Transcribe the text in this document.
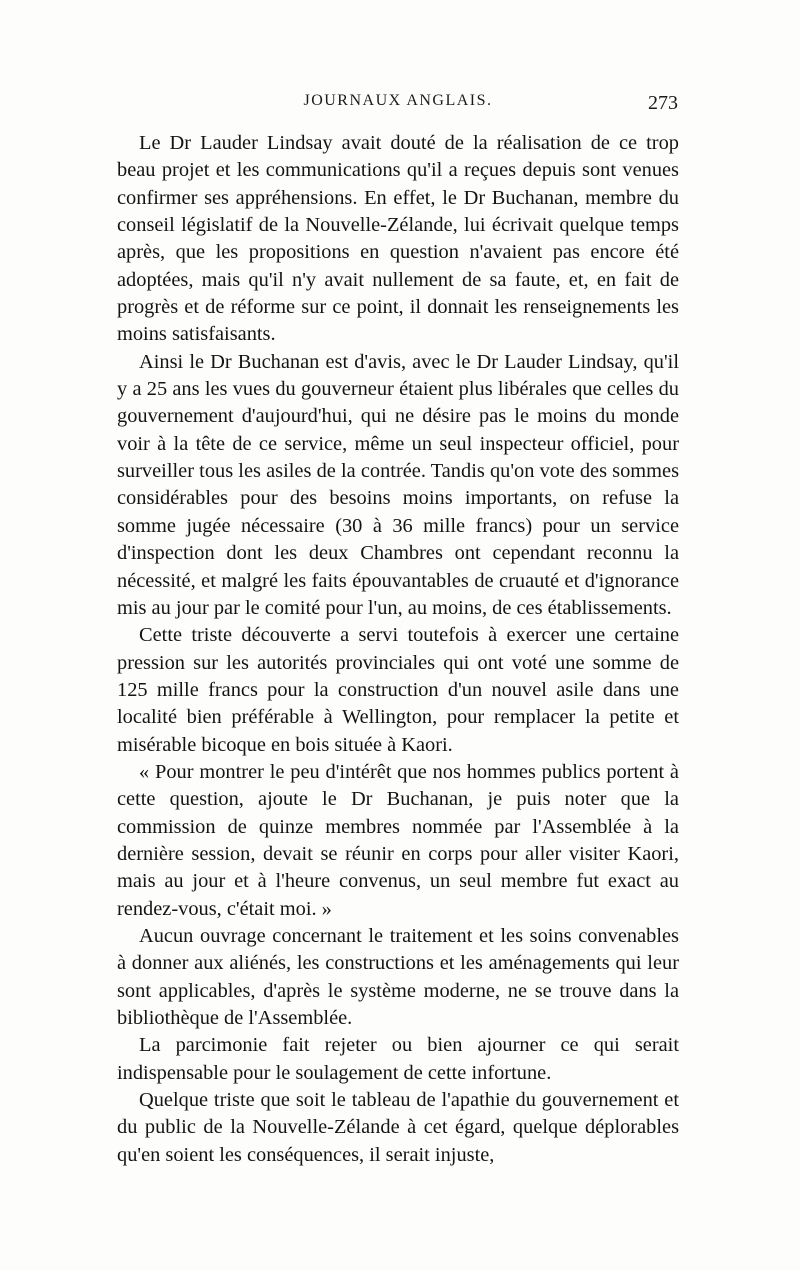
JOURNAUX ANGLAIS.	273

Le Dr Lauder Lindsay avait douté de la réalisation de ce trop beau projet et les communications qu'il a reçues depuis sont venues confirmer ses appréhensions. En effet, le Dr Buchanan, membre du conseil législatif de la Nouvelle-Zélande, lui écrivait quelque temps après, que les propositions en question n'avaient pas encore été adoptées, mais qu'il n'y avait nullement de sa faute, et, en fait de progrès et de réforme sur ce point, il donnait les renseignements les moins satisfaisants.

Ainsi le Dr Buchanan est d'avis, avec le Dr Lauder Lindsay, qu'il y a 25 ans les vues du gouverneur étaient plus libérales que celles du gouvernement d'aujourd'hui, qui ne désire pas le moins du monde voir à la tête de ce service, même un seul inspecteur officiel, pour surveiller tous les asiles de la contrée. Tandis qu'on vote des sommes considérables pour des besoins moins importants, on refuse la somme jugée nécessaire (30 à 36 mille francs) pour un service d'inspection dont les deux Chambres ont cependant reconnu la nécessité, et malgré les faits épouvantables de cruauté et d'ignorance mis au jour par le comité pour l'un, au moins, de ces établissements.

Cette triste découverte a servi toutefois à exercer une certaine pression sur les autorités provinciales qui ont voté une somme de 125 mille francs pour la construction d'un nouvel asile dans une localité bien préférable à Wellington, pour remplacer la petite et misérable bicoque en bois située à Kaori.

« Pour montrer le peu d'intérêt que nos hommes publics portent à cette question, ajoute le Dr Buchanan, je puis noter que la commission de quinze membres nommée par l'Assemblée à la dernière session, devait se réunir en corps pour aller visiter Kaori, mais au jour et à l'heure convenus, un seul membre fut exact au rendez-vous, c'était moi. »

Aucun ouvrage concernant le traitement et les soins convenables à donner aux aliénés, les constructions et les aménagements qui leur sont applicables, d'après le système moderne, ne se trouve dans la bibliothèque de l'Assemblée.

La parcimonie fait rejeter ou bien ajourner ce qui serait indispensable pour le soulagement de cette infortune.

Quelque triste que soit le tableau de l'apathie du gouvernement et du public de la Nouvelle-Zélande à cet égard, quelque déplorables qu'en soient les conséquences, il serait injuste,
